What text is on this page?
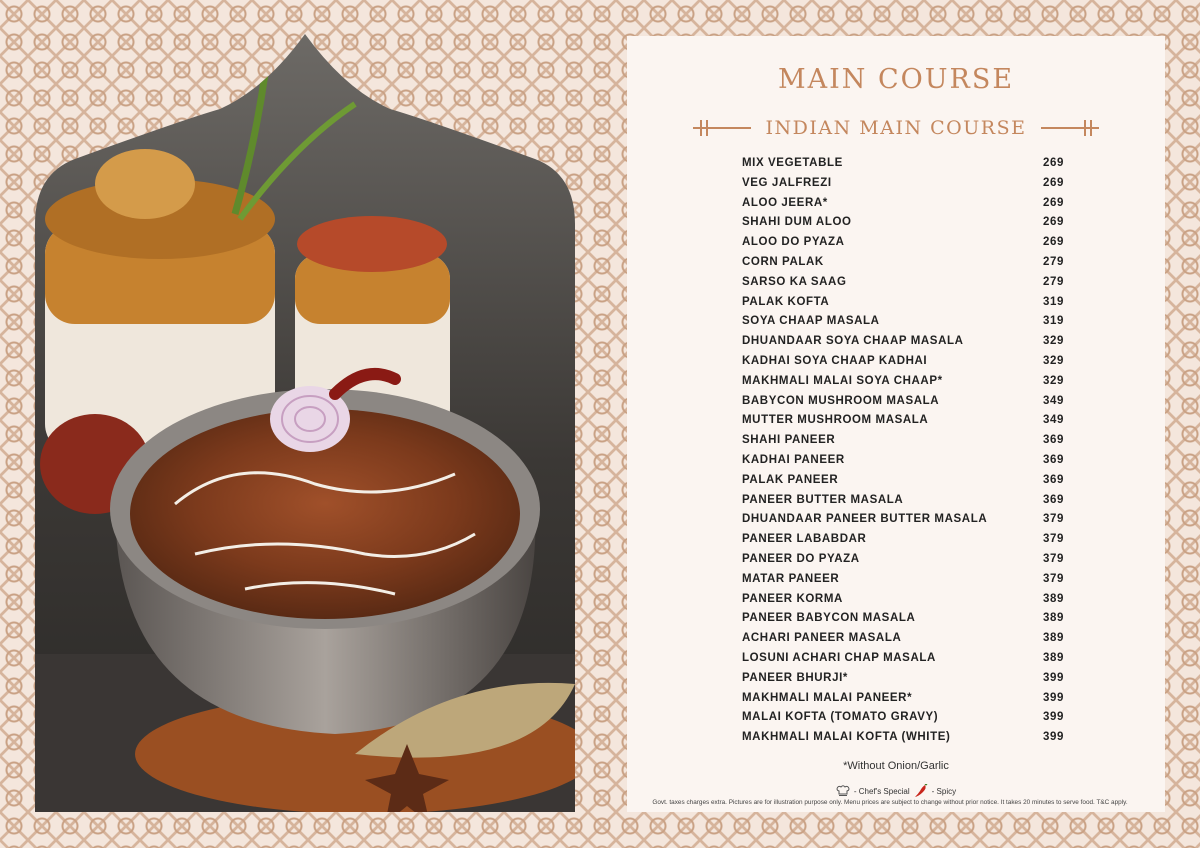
MAIN COURSE
INDIAN MAIN COURSE
MIX VEGETABLE	269
VEG JALFREZI	269
ALOO JEERA*	269
SHAHI DUM ALOO	269
ALOO DO PYAZA	269
CORN PALAK	279
SARSO KA SAAG	279
PALAK KOFTA	319
SOYA CHAAP MASALA	319
DHUANDAAR SOYA CHAAP MASALA	329
KADHAI SOYA CHAAP KADHAI	329
MAKHMALI MALAI SOYA CHAAP*	329
BABYCON MUSHROOM MASALA	349
MUTTER MUSHROOM MASALA	349
SHAHI PANEER	369
KADHAI PANEER	369
PALAK PANEER	369
PANEER BUTTER MASALA	369
DHUANDAAR PANEER BUTTER MASALA	379
PANEER LABABDAR	379
PANEER DO PYAZA	379
MATAR PANEER	379
PANEER KORMA	389
PANEER BABYCON MASALA	389
ACHARI PANEER MASALA	389
LOSUNI ACHARI CHAP MASALA	389
PANEER BHURJI*	399
MAKHMALI MALAI PANEER*	399
MALAI KOFTA (TOMATO GRAVY)	399
MAKHMALI MALAI KOFTA (WHITE)	399
*Without Onion/Garlic
- Chef's Special	- Spicy
Govt. taxes charges extra. Pictures are for illustration purpose only. Menu prices are subject to change without prior notice. It takes 20 minutes to serve food. T&C apply.
